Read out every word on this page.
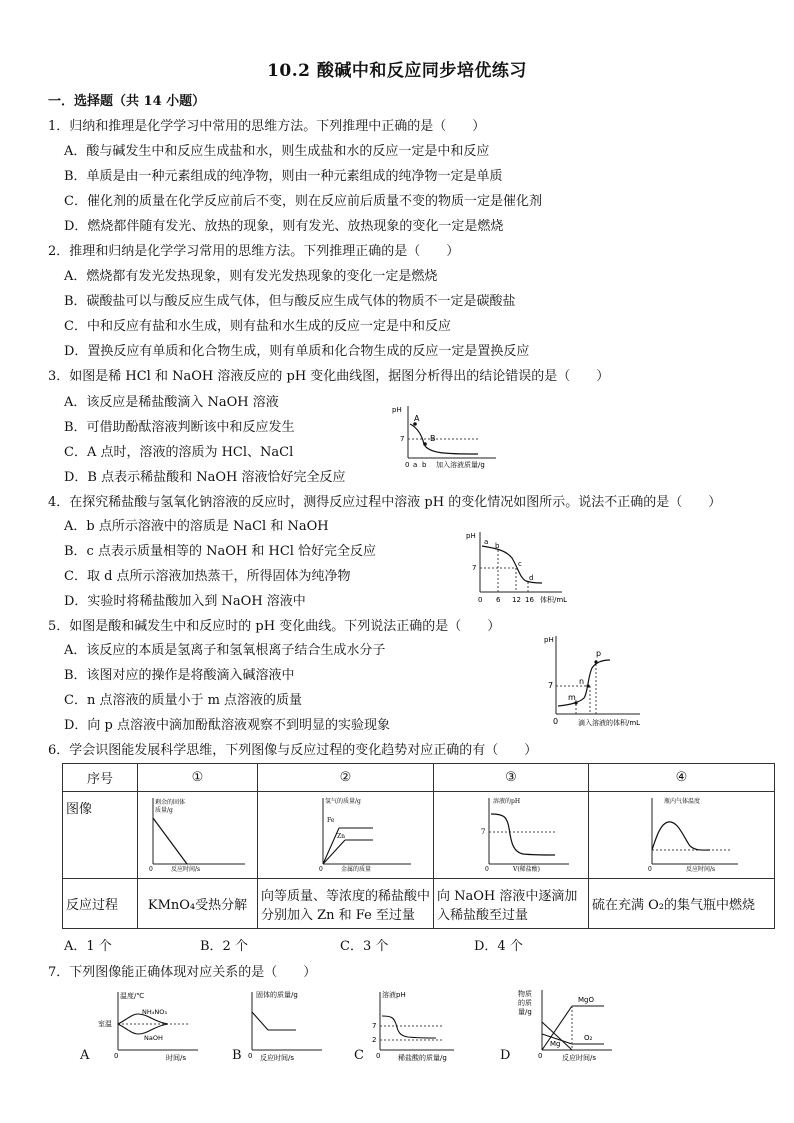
10.2 酸碱中和反应同步培优练习
一．选择题（共 14 小题）
1．归纳和推理是化学学习中常用的思维方法。下列推理中正确的是（　　）
A．酸与碱发生中和反应生成盐和水，则生成盐和水的反应一定是中和反应
B．单质是由一种元素组成的纯净物，则由一种元素组成的纯净物一定是单质
C．催化剂的质量在化学反应前后不变，则在反应前后质量不变的物质一定是催化剂
D．燃烧都伴随有发光、放热的现象，则有发光、放热现象的变化一定是燃烧
2．推理和归纳是化学学习常用的思维方法。下列推理正确的是（　　）
A．燃烧都有发光发热现象，则有发光发热现象的变化一定是燃烧
B．碳酸盐可以与酸反应生成气体，但与酸反应生成气体的物质不一定是碳酸盐
C．中和反应有盐和水生成，则有盐和水生成的反应一定是中和反应
D．置换反应有单质和化合物生成，则有单质和化合物生成的反应一定是置换反应
3．如图是稀 HCl 和 NaOH 溶液反应的 pH 变化曲线图，据图分析得出的结论错误的是（　　）
A．该反应是稀盐酸滴入 NaOH 溶液
B．可借助酚酞溶液判断该中和反应发生
C．A 点时，溶液的溶质为 HCl、NaCl
D．B 点表示稀盐酸和 NaOH 溶液恰好完全反应
pH
7
A
B
0 a b 加入溶液质量/g
4．在探究稀盐酸与氢氧化钠溶液的反应时，测得反应过程中溶液 pH 的变化情况如图所示。说法不正确的是（　　）
A．b 点所示溶液中的溶质是 NaCl 和 NaOH
B．c 点表示质量相等的 NaOH 和 HCl 恰好完全反应
C．取 d 点所示溶液加热蒸干，所得固体为纯净物
D．实验时将稀盐酸加入到 NaOH 溶液中
pH
7
a b
c
d
0 6 12 16 体积/mL
5．如图是酸和碱发生中和反应时的 pH 变化曲线。下列说法正确的是（　　）
A．该反应的本质是氢离子和氢氧根离子结合生成水分子
B．该图对应的操作是将酸滴入碱溶液中
C．n 点溶液的质量小于 m 点溶液的质量
D．向 p 点溶液中滴加酚酞溶液观察不到明显的实验现象
pH
7
m
n
p
0	滴入溶液的体积/mL
6．学会识图能发展科学思维，下列图像与反应过程的变化趋势对应正确的有（　　）
序号	①	②	③	④
图像	剩余的固体
质量/g
0 反应时间/s	氢气的质量/g
Fe
Zn
0 金属的质量	溶液的pH
7
0 V(稀盐酸)	瓶内气体温度
0 反应时间/s

反应过程	KMnO₄受热分解	向等质量、等浓度的稀盐酸中分别加入 Zn 和 Fe 至过量	向 NaOH 溶液中逐滴加入稀盐酸至过量	硫在充满 O₂的集气瓶中燃烧
A．1 个	B．2 个	C．3 个	D．4 个
7．下列图像能正确体现对应关系的是（　　）
温度/℃
室温
NH₄NO₃
NaOH
0	时间/s
A
固体的质量/g
0 反应时间/s
B
溶液pH
7
2
0	稀盐酸的质量/g
C
物质
的质
量/g
MgO
O₂
Mg
0	反应时间/s
D
